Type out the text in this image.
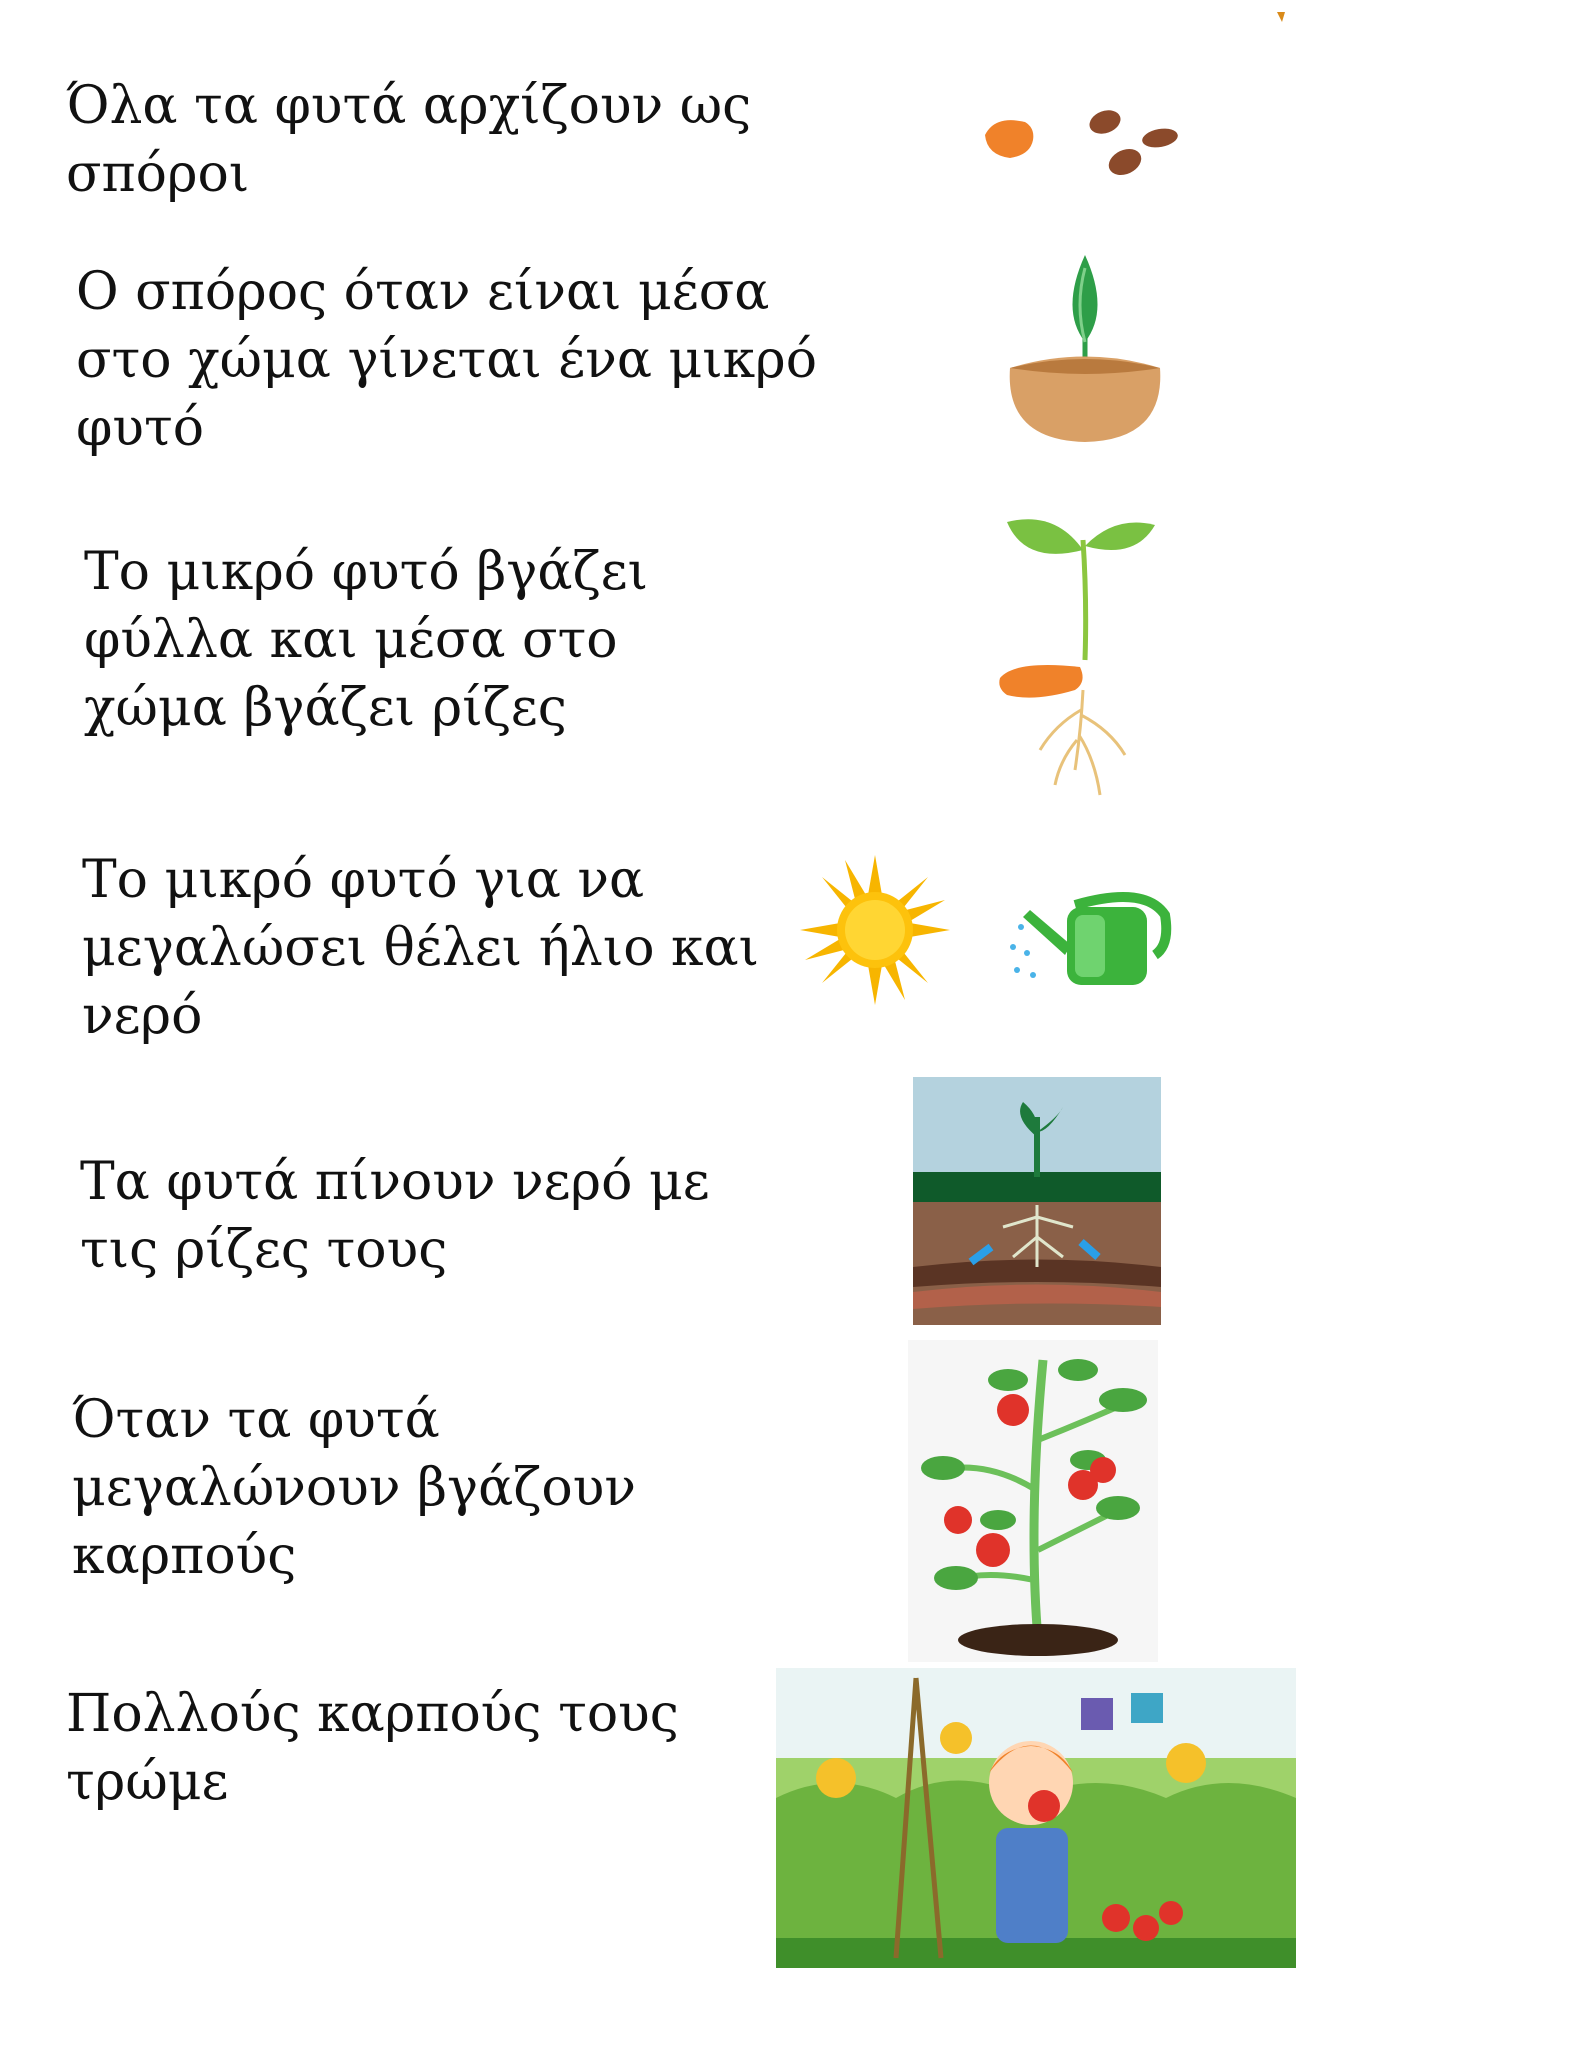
Όλα τα φυτά αρχίζουν ως
σπόροι
Ο σπόρος όταν είναι μέσα
στο χώμα γίνεται ένα μικρό
φυτό
Το μικρό φυτό βγάζει
φύλλα και μέσα στο
χώμα βγάζει ρίζες
Το μικρό φυτό για να
μεγαλώσει θέλει ήλιο και
νερό
Τα φυτά πίνουν νερό με
τις ρίζες τους
Όταν τα φυτά
μεγαλώνουν βγάζουν
καρπούς
Πολλούς καρπούς τους
τρώμε
